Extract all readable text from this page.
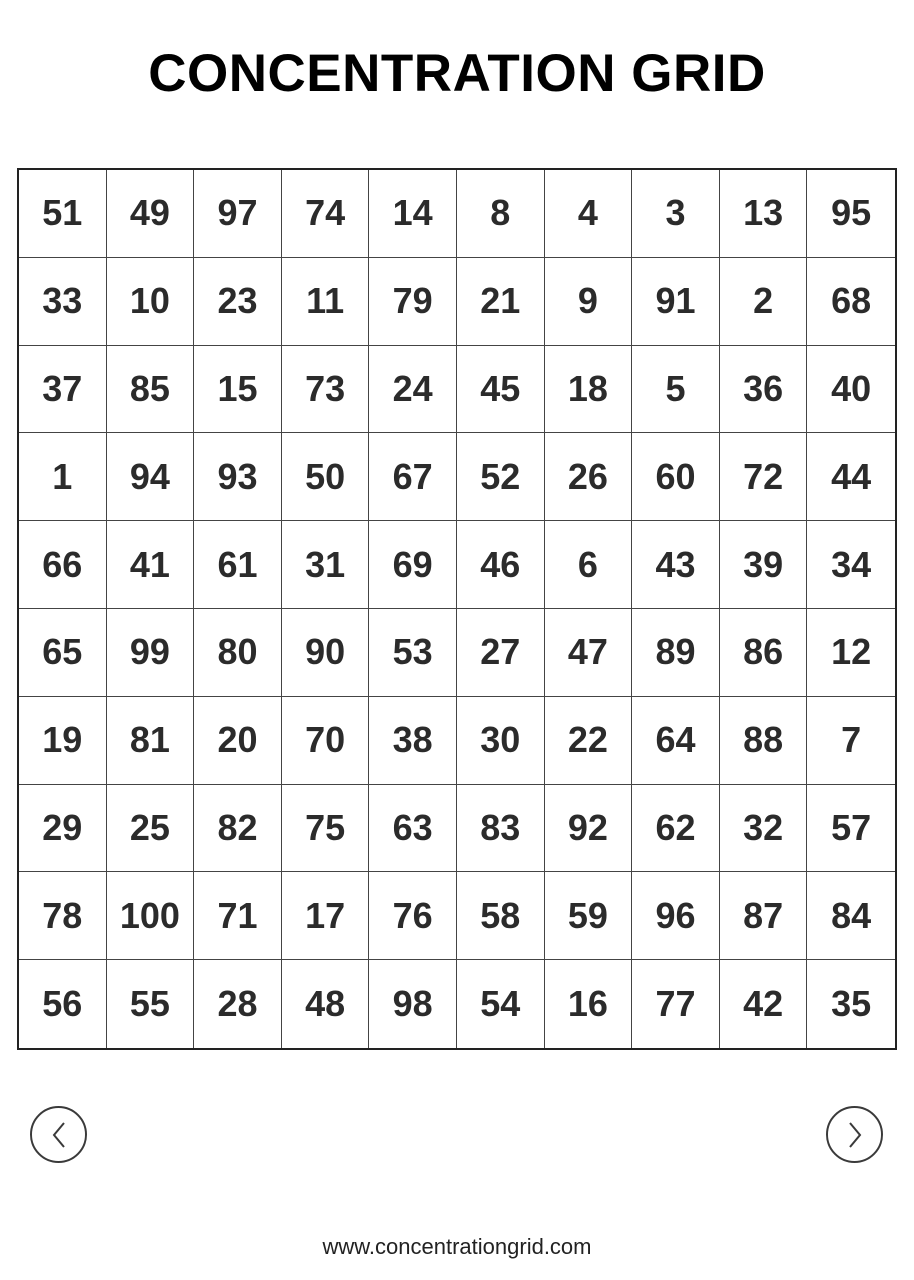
CONCENTRATION GRID
51	49	97	74	14	8	4	3	13	95
33	10	23	11	79	21	9	91	2	68
37	85	15	73	24	45	18	5	36	40
1	94	93	50	67	52	26	60	72	44
66	41	61	31	69	46	6	43	39	34
65	99	80	90	53	27	47	89	86	12
19	81	20	70	38	30	22	64	88	7
29	25	82	75	63	83	92	62	32	57
78	100	71	17	76	58	59	96	87	84
56	55	28	48	98	54	16	77	42	35
www.concentrationgrid.com
